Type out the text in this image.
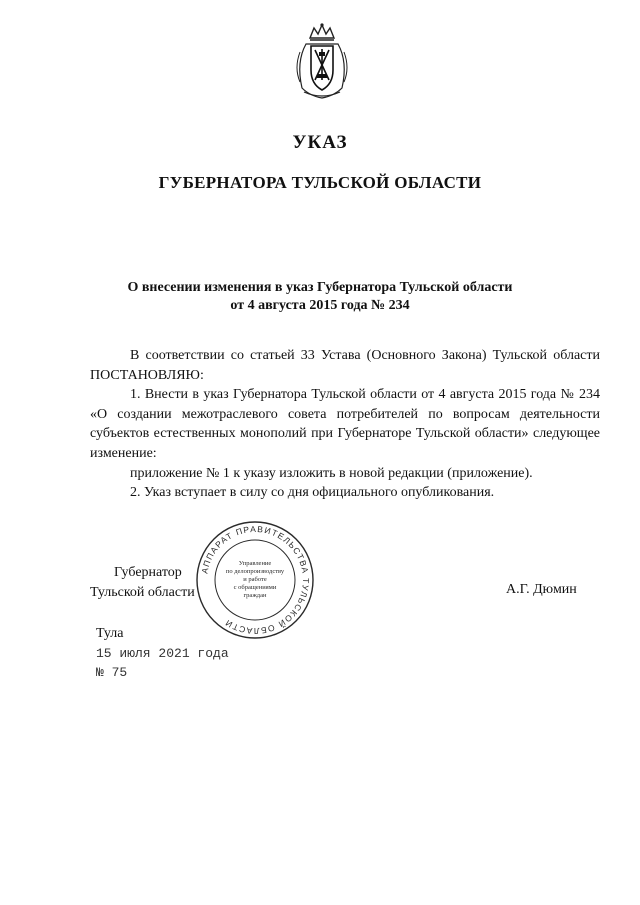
УКАЗ
ГУБЕРНАТОРА ТУЛЬСКОЙ ОБЛАСТИ
О внесении изменения в указ Губернатора Тульской области
от 4 августа 2015 года № 234

В соответствии со статьей 33 Устава (Основного Закона) Тульской области ПОСТАНОВЛЯЮ:

1. Внести в указ Губернатора Тульской области от 4 августа 2015 года № 234 «О создании межотраслевого совета потребителей по вопросам деятельности субъектов естественных монополий при Губернаторе Тульской области» следующее изменение:

приложение № 1 к указу изложить в новой редакции (приложение).

2. Указ вступает в силу со дня официального опубликования.

Губернатор
Тульской области
АППАРАТ ПРАВИТЕЛЬСТВА ТУЛЬСКОЙ ОБЛАСТИ
Управление
по делопроизводству
и работе
с обращениями
граждан	А.Г. Дюмин
Тула
15 июля 2021 года
№ 75
